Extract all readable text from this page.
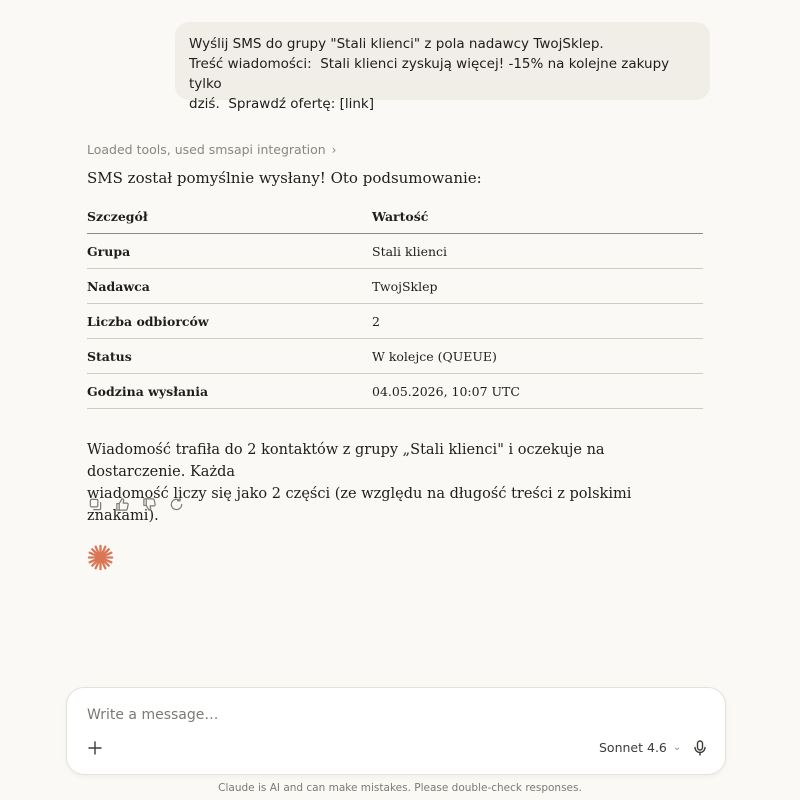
Wyślij SMS do grupy "Stali klienci" z pola nadawcy TwojSklep.
Treść wiadomości:  Stali klienci zyskują więcej! -15% na kolejne zakupy tylko
dziś.  Sprawdź ofertę: [link]
Loaded tools, used smsapi integration ›
SMS został pomyślnie wysłany! Oto podsumowanie:
Szczegół	Wartość
Grupa	Stali klienci
Nadawca	TwojSklep
Liczba odbiorców	2
Status	W kolejce (QUEUE)
Godzina wysłania	04.05.2026, 10:07 UTC
Wiadomość trafiła do 2 kontaktów z grupy „Stali klienci" i oczekuje na dostarczenie. Każda
wiadomość liczy się jako 2 części (ze względu na długość treści z polskimi znakami).
Write a message…
Sonnet 4.6 ⌄
Claude is AI and can make mistakes. Please double-check responses.
